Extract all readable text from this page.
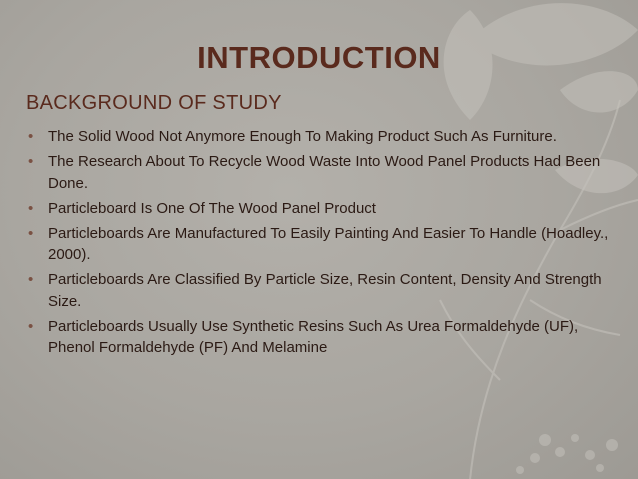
INTRODUCTION
BACKGROUND OF STUDY
• The Solid Wood Not Anymore Enough To Making Product Such As Furniture.
• The Research About To Recycle Wood Waste Into Wood Panel Products Had Been Done.
• Particleboard Is One Of The Wood Panel Product
• Particleboards Are Manufactured To Easily Painting And Easier To Handle (Hoadley., 2000).
• Particleboards Are Classified By Particle Size, Resin Content, Density And Strength Size.
• Particleboards Usually Use Synthetic Resins Such As Urea Formaldehyde (UF), Phenol Formaldehyde (PF) And Melamine
